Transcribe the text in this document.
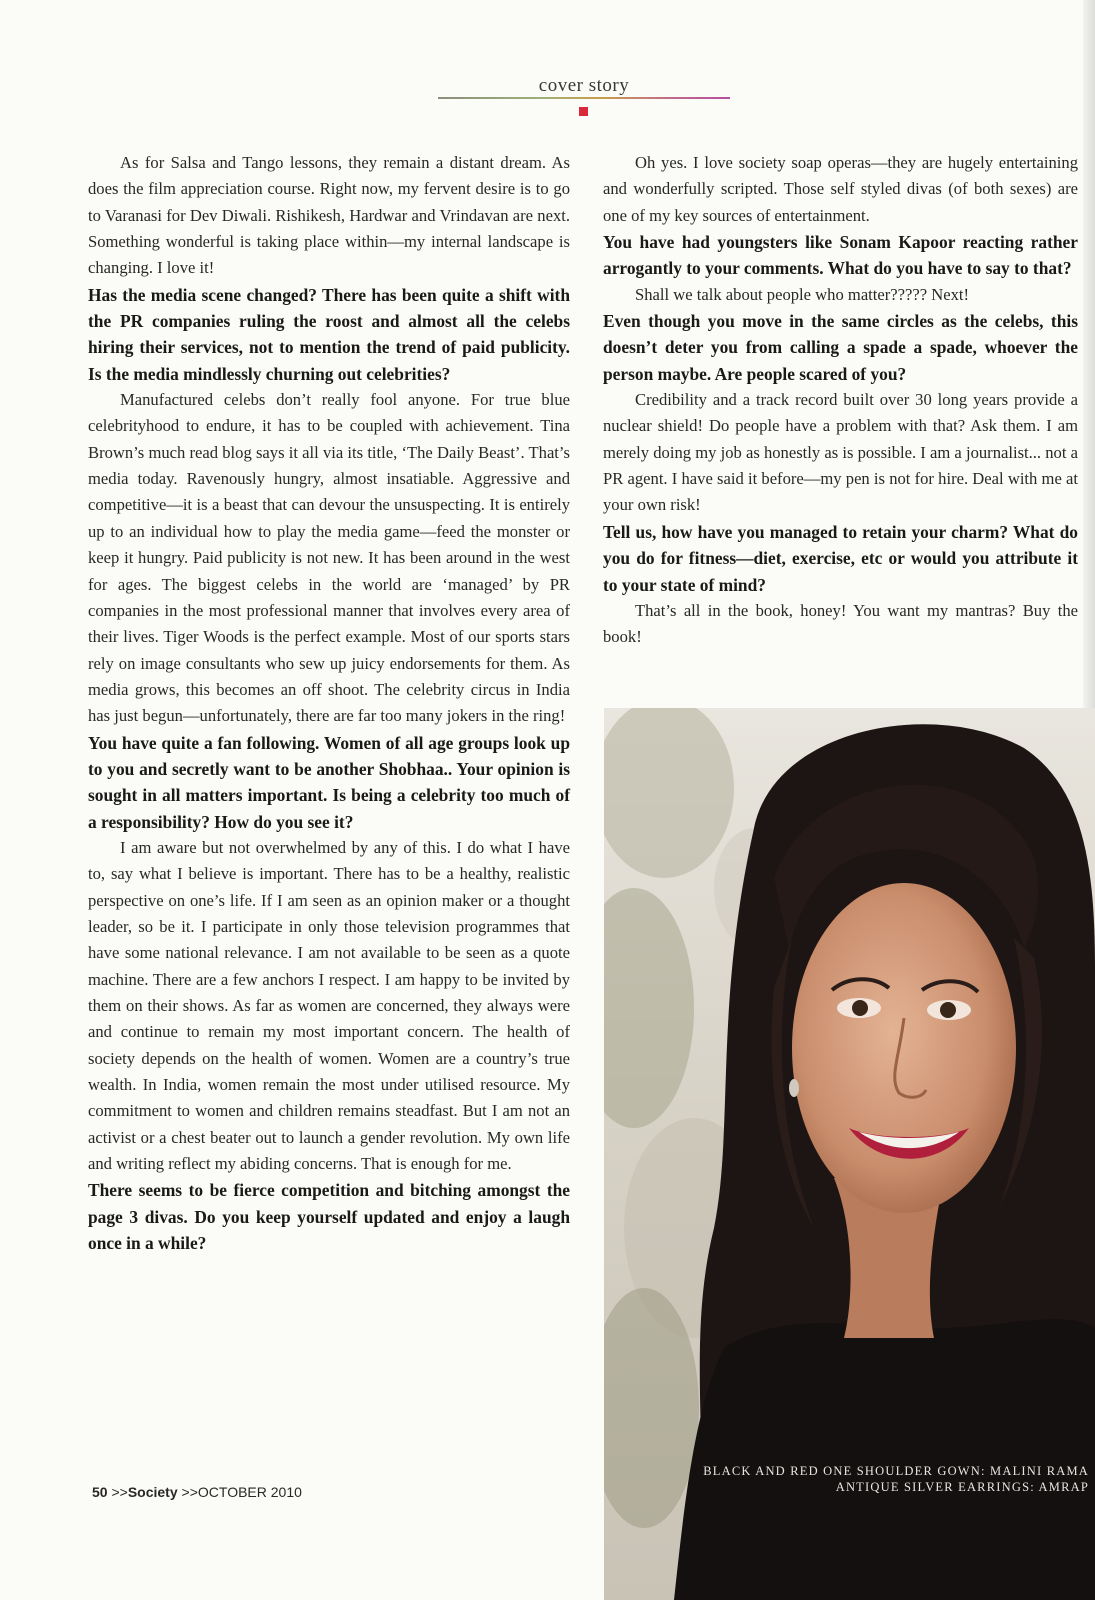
cover story

As for Salsa and Tango lessons, they remain a distant dream. As does the film appreciation course. Right now, my fervent desire is to go to Varanasi for Dev Diwali. Rishikesh, Hardwar and Vrindavan are next. Something wonderful is taking place within—my internal landscape is changing. I love it!

Has the media scene changed? There has been quite a shift with the PR companies ruling the roost and almost all the celebs hiring their services, not to mention the trend of paid publicity. Is the media mindlessly churning out celebrities?

Manufactured celebs don’t really fool anyone. For true blue celebrityhood to endure, it has to be coupled with achievement. Tina Brown’s much read blog says it all via its title, ‘The Daily Beast’. That’s media today. Ravenously hungry, almost insatiable. Aggressive and competitive—it is a beast that can devour the unsuspecting. It is entirely up to an individual how to play the media game—feed the monster or keep it hungry. Paid publicity is not new. It has been around in the west for ages. The biggest celebs in the world are ‘managed’ by PR companies in the most professional manner that involves every area of their lives. Tiger Woods is the perfect example. Most of our sports stars rely on image consultants who sew up juicy endorsements for them. As media grows, this becomes an off shoot. The celebrity circus in India has just begun—unfortunately, there are far too many jokers in the ring!

You have quite a fan following. Women of all age groups look up to you and secretly want to be another Shobhaa.. Your opinion is sought in all matters important. Is being a celebrity too much of a responsibility? How do you see it?

I am aware but not overwhelmed by any of this. I do what I have to, say what I believe is important. There has to be a healthy, realistic perspective on one’s life. If I am seen as an opinion maker or a thought leader, so be it. I participate in only those television programmes that have some national relevance. I am not available to be seen as a quote machine. There are a few anchors I respect. I am happy to be invited by them on their shows. As far as women are concerned, they always were and continue to remain my most important concern. The health of society depends on the health of women. Women are a country’s true wealth. In India, women remain the most under utilised resource. My commitment to women and children remains steadfast. But I am not an activist or a chest beater out to launch a gender revolution. My own life and writing reflect my abiding concerns. That is enough for me.

There seems to be fierce competition and bitching amongst the page 3 divas. Do you keep yourself updated and enjoy a laugh once in a while?

Oh yes. I love society soap operas—they are hugely entertaining and wonderfully scripted. Those self styled divas (of both sexes) are one of my key sources of entertainment.

You have had youngsters like Sonam Kapoor reacting rather arrogantly to your comments. What do you have to say to that?

Shall we talk about people who matter????? Next!

Even though you move in the same circles as the celebs, this doesn’t deter you from calling a spade a spade, whoever the person maybe. Are people scared of you?

Credibility and a track record built over 30 long years provide a nuclear shield! Do people have a problem with that? Ask them. I am merely doing my job as honestly as is possible. I am a journalist... not a PR agent. I have said it before—my pen is not for hire. Deal with me at your own risk!

Tell us, how have you managed to retain your charm? What do you do for fitness—diet, exercise, etc or would you attribute it to your state of mind?

That’s all in the book, honey! You want my mantras? Buy the book!

BLACK AND RED ONE SHOULDER GOWN: MALINI RAMA
ANTIQUE SILVER EARRINGS: AMRAP
50 >>Society >>OCTOBER 2010
